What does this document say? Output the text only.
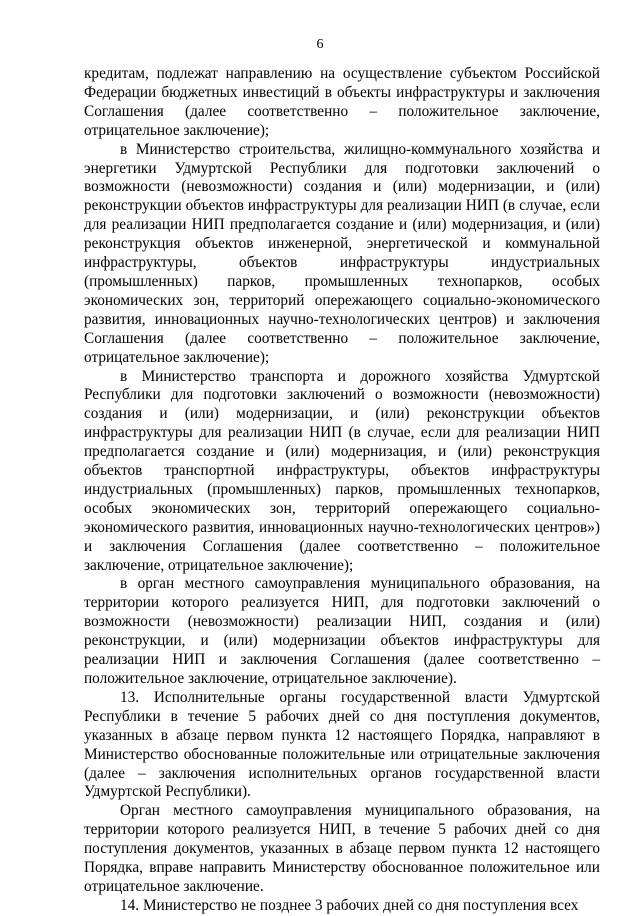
6

кредитам, подлежат направлению на осуществление субъектом Российской Федерации бюджетных инвестиций в объекты инфраструктуры и заключения Соглашения (далее соответственно – положительное заключение, отрицательное заключение);

в Министерство строительства, жилищно-коммунального хозяйства и энергетики Удмуртской Республики для подготовки заключений о возможности (невозможности) создания и (или) модернизации, и (или) реконструкции объектов инфраструктуры для реализации НИП (в случае, если для реализации НИП предполагается создание и (или) модернизация, и (или) реконструкция объектов инженерной, энергетической и коммунальной инфраструктуры, объектов инфраструктуры индустриальных (промышленных) парков, промышленных технопарков, особых экономических зон, территорий опережающего социально-экономического развития, инновационных научно-технологических центров) и заключения Соглашения (далее соответственно – положительное заключение, отрицательное заключение);

в Министерство транспорта и дорожного хозяйства Удмуртской Республики для подготовки заключений о возможности (невозможности) создания и (или) модернизации, и (или) реконструкции объектов инфраструктуры для реализации НИП (в случае, если для реализации НИП предполагается создание и (или) модернизация, и (или) реконструкция объектов транспортной инфраструктуры, объектов инфраструктуры индустриальных (промышленных) парков, промышленных технопарков, особых экономических зон, территорий опережающего социально-экономического развития, инновационных научно-технологических центров») и заключения Соглашения (далее соответственно – положительное заключение, отрицательное заключение);

в орган местного самоуправления муниципального образования, на территории которого реализуется НИП, для подготовки заключений о возможности (невозможности) реализации НИП, создания и (или) реконструкции, и (или) модернизации объектов инфраструктуры для реализации НИП и заключения Соглашения (далее соответственно – положительное заключение, отрицательное заключение).

13. Исполнительные органы государственной власти Удмуртской Республики в течение 5 рабочих дней со дня поступления документов, указанных в абзаце первом пункта 12 настоящего Порядка, направляют в Министерство обоснованные положительные или отрицательные заключения (далее – заключения исполнительных органов государственной власти Удмуртской Республики).

Орган местного самоуправления муниципального образования, на территории которого реализуется НИП, в течение 5 рабочих дней со дня поступления документов, указанных в абзаце первом пункта 12 настоящего Порядка, вправе направить Министерству обоснованное положительное или отрицательное заключение.

14. Министерство не позднее 3 рабочих дней со дня поступления всех
